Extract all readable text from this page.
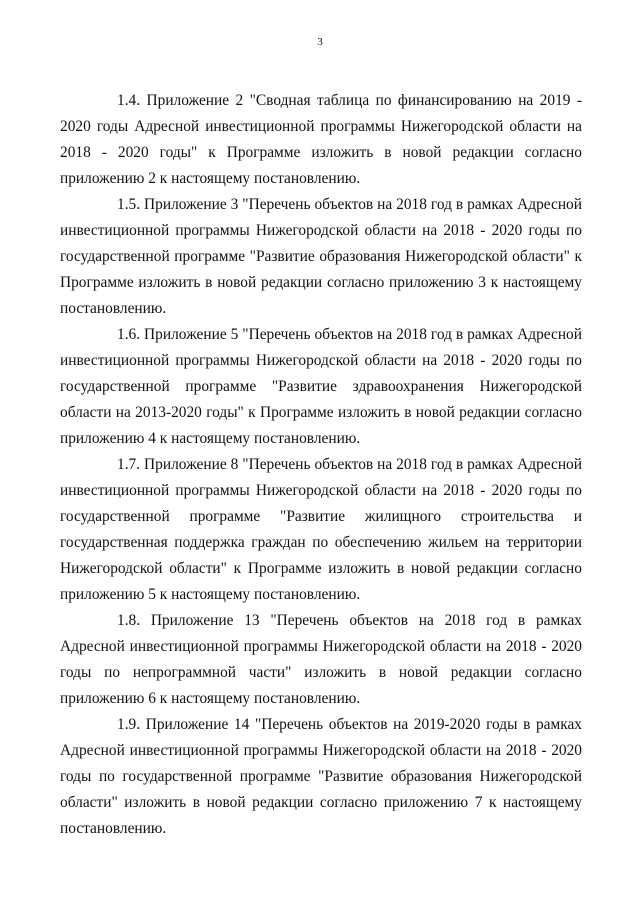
3

1.4. Приложение 2 "Сводная таблица по финансированию на 2019 - 2020 годы Адресной инвестиционной программы Нижегородской области на 2018 - 2020 годы" к Программе изложить в новой редакции согласно приложению 2 к настоящему постановлению.

1.5. Приложение 3 "Перечень объектов на 2018 год в рамках Адресной инвестиционной программы Нижегородской области на 2018 - 2020 годы по государственной программе "Развитие образования Нижегородской области" к Программе изложить в новой редакции согласно приложению 3 к настоящему постановлению.

1.6. Приложение 5 "Перечень объектов на 2018 год в рамках Адресной инвестиционной программы Нижегородской области на 2018 - 2020 годы по государственной программе "Развитие здравоохранения Нижегородской области на 2013-2020 годы" к Программе изложить в новой редакции согласно приложению 4 к настоящему постановлению.

1.7. Приложение 8 "Перечень объектов на 2018 год в рамках Адресной инвестиционной программы Нижегородской области на 2018 - 2020 годы по государственной программе "Развитие жилищного строительства и государственная поддержка граждан по обеспечению жильем на территории Нижегородской области" к Программе изложить в новой редакции согласно приложению 5 к настоящему постановлению.

1.8. Приложение 13 "Перечень объектов на 2018 год в рамках Адресной инвестиционной программы Нижегородской области на 2018 - 2020 годы по непрограммной части" изложить в новой редакции согласно приложению 6 к настоящему постановлению.

1.9. Приложение 14 "Перечень объектов на 2019-2020 годы в рамках Адресной инвестиционной программы Нижегородской области на 2018 - 2020 годы по государственной программе "Развитие образования Нижегородской области" изложить в новой редакции согласно приложению 7 к настоящему постановлению.
